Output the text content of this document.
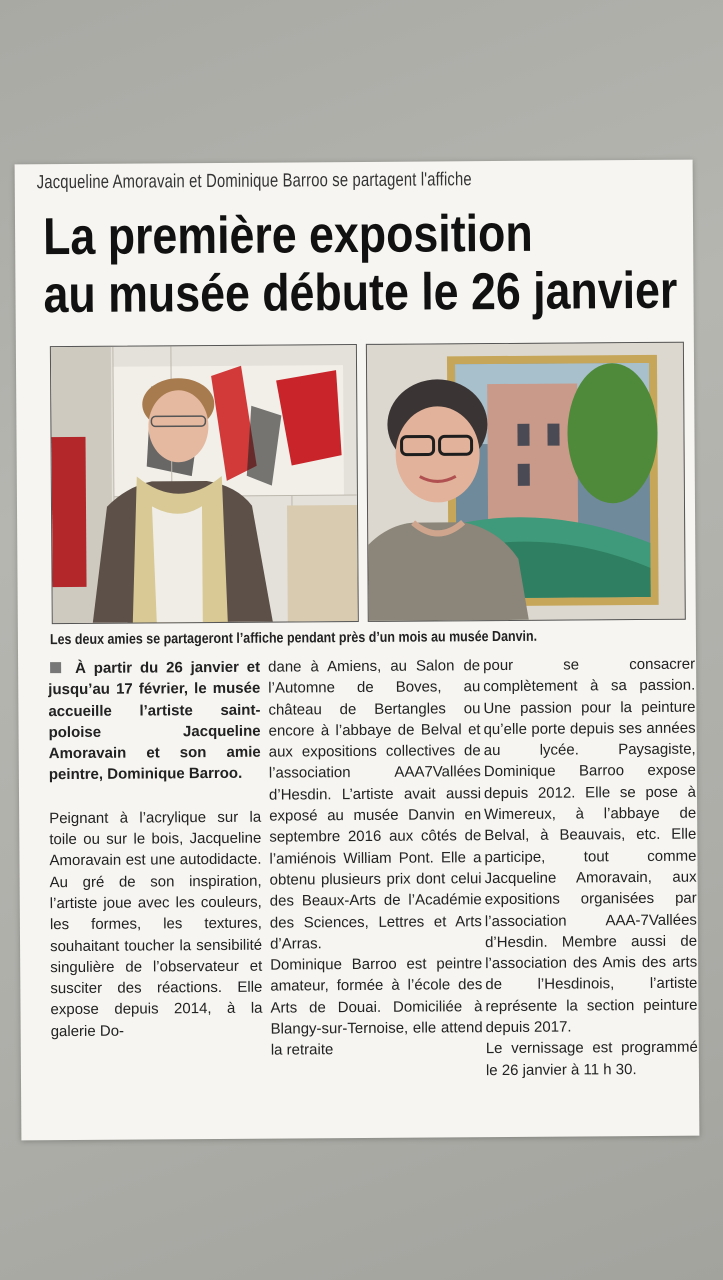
Jacqueline Amoravain et Dominique Barroo se partagent l'affiche
La première exposition
au musée débute le 26 janvier
Les deux amies se partageront l’affiche pendant près d’un mois au musée Danvin.

À partir du 26 janvier et jusqu’au 17 février, le musée accueille l’artiste saint-poloise Jacqueline Amoravain et son amie peintre, Dominique Barroo.

Peignant à l’acrylique sur la toile ou sur le bois, Jacqueline Amoravain est une autodidacte. Au gré de son inspiration, l’artiste joue avec les couleurs, les formes, les textures, souhaitant toucher la sensibilité singulière de l’observateur et susciter des réactions. Elle expose depuis 2014, à la galerie Do-

dane à Amiens, au Salon de l’Automne de Boves, au château de Bertangles ou encore à l’abbaye de Belval et aux expositions collectives de l’association AAA7Vallées d’Hesdin. L’artiste avait aussi exposé au musée Danvin en septembre 2016 aux côtés de l’amiénois William Pont. Elle a obtenu plusieurs prix dont celui des Beaux-Arts de l’Académie des Sciences, Lettres et Arts d’Arras.

Dominique Barroo est peintre amateur, formée à l’école des Arts de Douai. Domiciliée à Blangy-sur-Ternoise, elle attend la retraite

pour se consacrer complètement à sa passion. Une passion pour la peinture qu’elle porte depuis ses années au lycée. Paysagiste, Dominique Barroo expose depuis 2012. Elle se pose à Wimereux, à l’abbaye de Belval, à Beauvais, etc. Elle participe, tout comme Jacqueline Amoravain, aux expositions organisées par l’association AAA-7Vallées d’Hesdin. Membre aussi de l’association des Amis des arts de l’Hesdinois, l’artiste représente la section peinture depuis 2017.

Le vernissage est programmé le 26 janvier à 11 h 30.
